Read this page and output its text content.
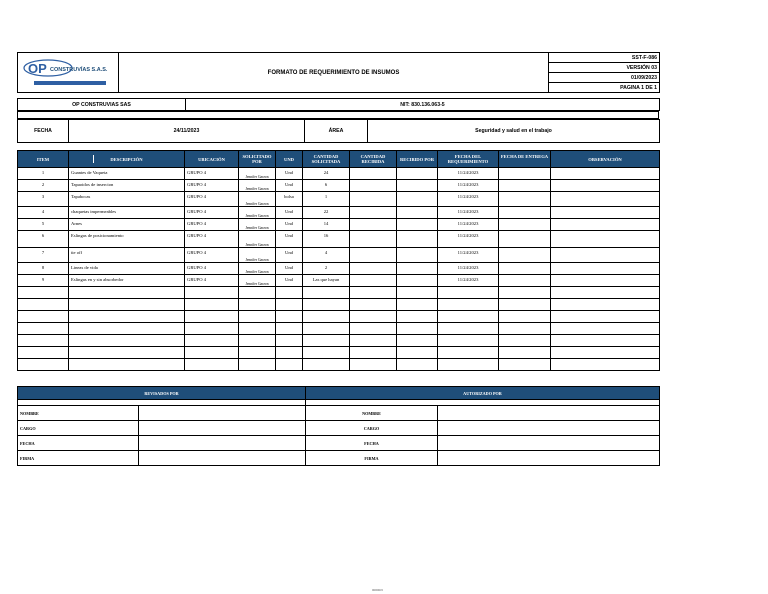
OP CONSTRUVÍAS S.A.S.	FORMATO DE REQUERIMIENTO DE INSUMOS	SST-F-086
VERSIÓN 03
01/09/2023
PAGINA 1 DE 1
OP CONSTRUVIAS SAS	NIT: 830.136.063-5
FECHA	24/11/2023	ÁREA	Seguridad y salud en el trabajo
ITEM	DESCRIPCIÓN	UBICACIÓN	SOLICITADO POR	UND	CANTIDAD SOLICITADA	CANTIDAD RECIBIDA	RECIBIDO POR	FECHA DEL REQUERIMIENTO	FECHA DE ENTREGA	OBSERVACIÓN
1	Guantes de Vaqueta	GRUPO 4	Jennifer Garzon	Und	24			11/24/2023		
2	Tapaoidos de insercion	GRUPO 4	Jennifer Garzon	Und	6			11/24/2023		
3	Tapabocas	GRUPO 4	Jennifer Garzon	bolsa	1			11/24/2023		
4	chaquetas impermeables	GRUPO 4	Jennifer Garzon	Und	22			11/24/2023		
5	Arnes	GRUPO 4	Jennifer Garzon	Und	14			11/24/2023		
6	Eslingas de posicionamiento	GRUPO 4	Jennifer Garzon	Und	16			11/24/2023		
7	tie off	GRUPO 4	Jennifer Garzon	Und	4			11/24/2023		
8	Lineas de vida	GRUPO 4	Jennifer Garzon	Und	2			11/24/2023		
9	Eslingas en y sin absorbedor	GRUPO 4	Jennifer Garzon	Und	Las que hayan			11/24/2023		

REVISADOS POR	

NOMBRE	
CARGO	
FECHA	
FIRMA	
AUTORIZADO POR	

NOMBRE	
CARGO	
FECHA	
FIRMA	
00000/3
